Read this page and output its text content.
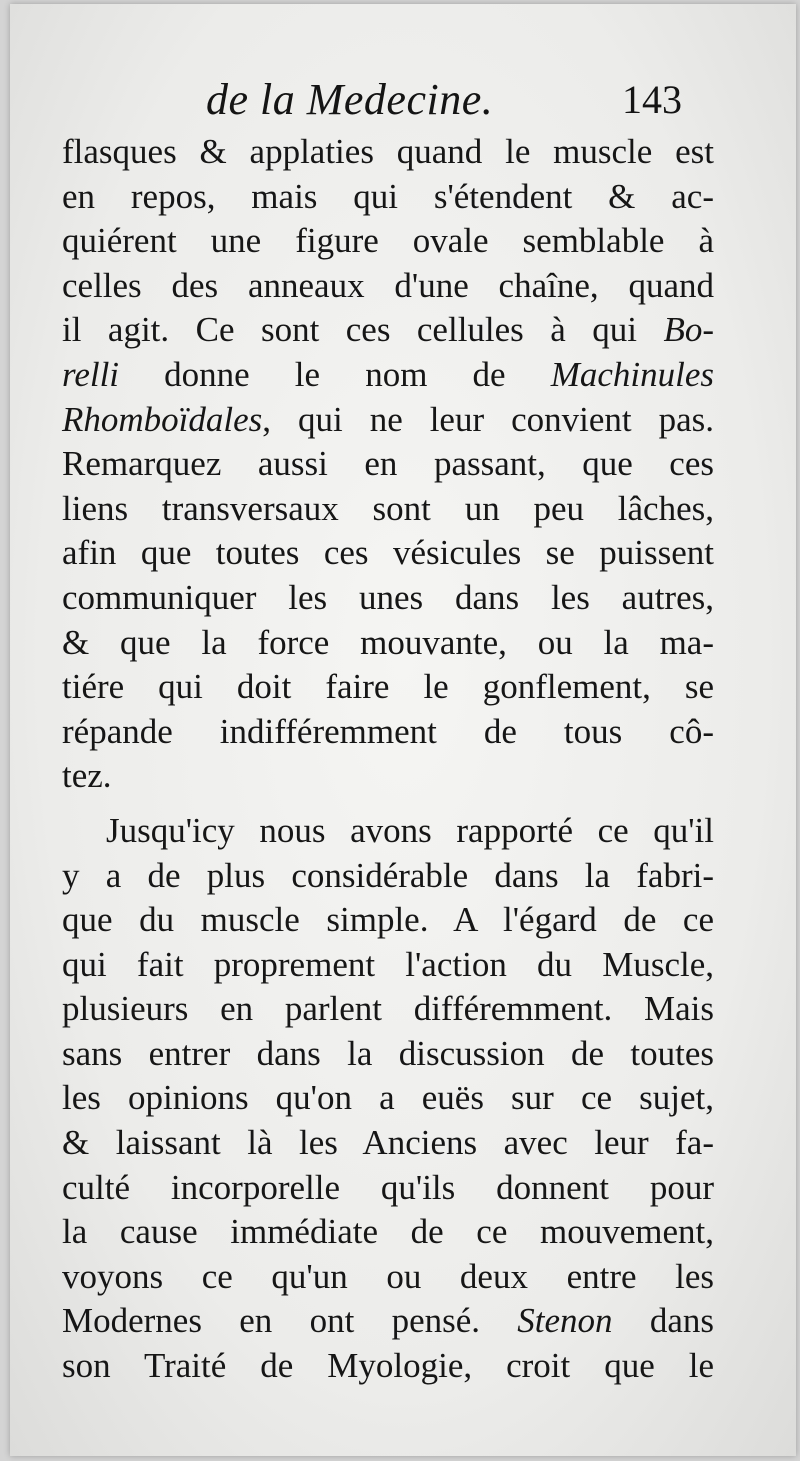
de la Medecine.	143
flasques & applaties quand le muscle est
en repos, mais qui s'étendent & ac-
quiérent une figure ovale semblable à
celles des anneaux d'une chaîne, quand
il agit. Ce sont ces cellules à qui Bo-
relli donne le nom de Machinules
Rhomboïdales, qui ne leur convient pas.
Remarquez aussi en passant, que ces
liens transversaux sont un peu lâches,
afin que toutes ces vésicules se puissent
communiquer les unes dans les autres,
& que la force mouvante, ou la ma-
tiére qui doit faire le gonflement, se
répande indifféremment de tous cô-
tez.
Jusqu'icy nous avons rapporté ce qu'il
y a de plus considérable dans la fabri-
que du muscle simple. A l'égard de ce
qui fait proprement l'action du Muscle,
plusieurs en parlent différemment. Mais
sans entrer dans la discussion de toutes
les opinions qu'on a euës sur ce sujet,
& laissant là les Anciens avec leur fa-
culté incorporelle qu'ils donnent pour
la cause immédiate de ce mouvement,
voyons ce qu'un ou deux entre les
Modernes en ont pensé. Stenon dans
son Traité de Myologie, croit que le
